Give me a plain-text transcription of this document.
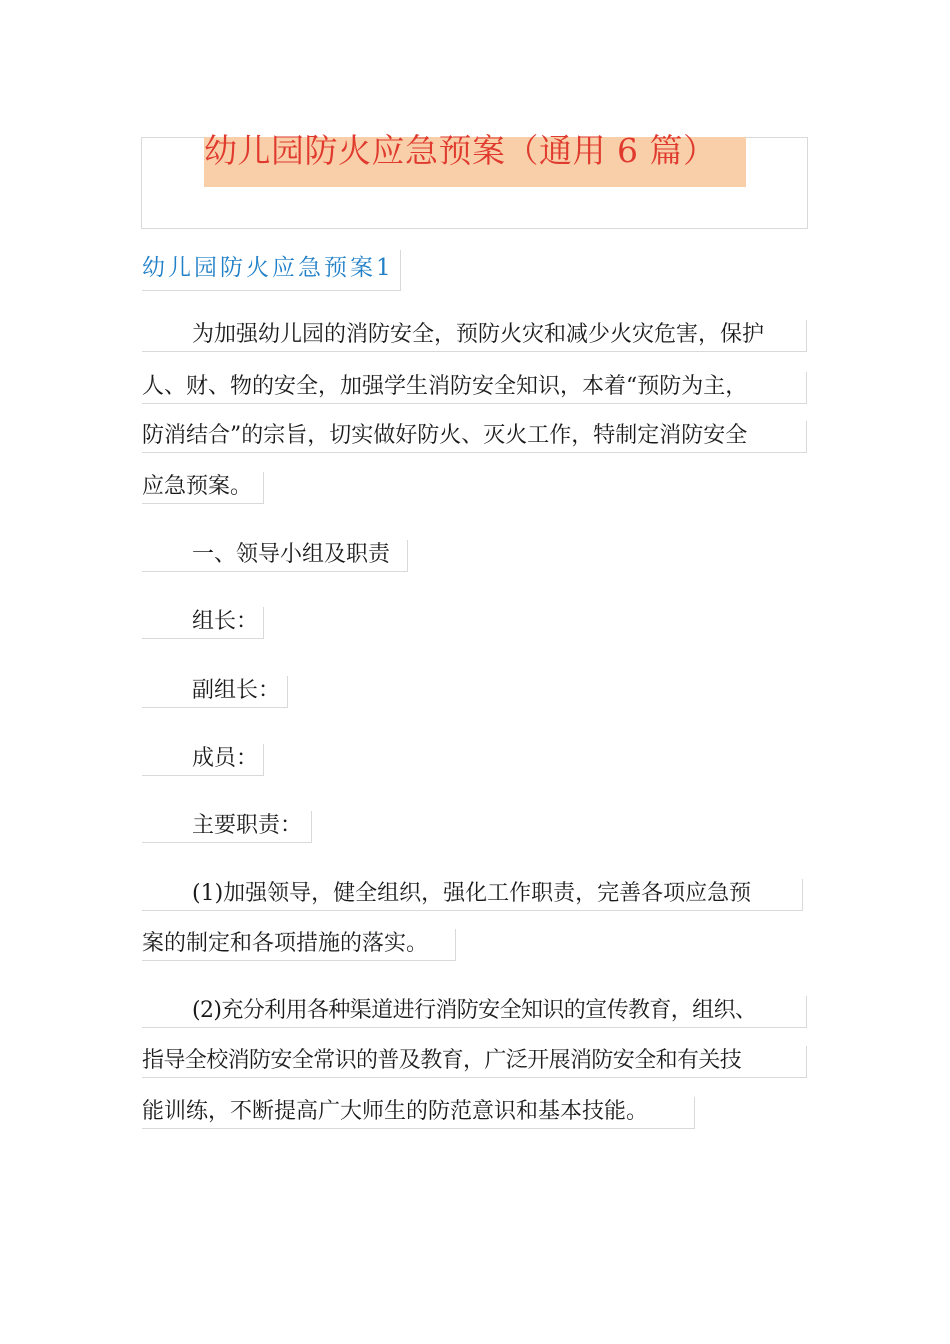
幼儿园防火应急预案（通用 6 篇）
幼儿园防火应急预案1
为加强幼儿园的消防安全，预防火灾和减少火灾危害，保护
人、财、物的安全，加强学生消防安全知识，本着“预防为主，
防消结合”的宗旨，切实做好防火、灭火工作，特制定消防安全
应急预案。
一、领导小组及职责
组长：
副组长：
成员：
主要职责：
(1)加强领导，健全组织，强化工作职责，完善各项应急预
案的制定和各项措施的落实。
(2)充分利用各种渠道进行消防安全知识的宣传教育，组织、
指导全校消防安全常识的普及教育，广泛开展消防安全和有关技
能训练，不断提高广大师生的防范意识和基本技能。
